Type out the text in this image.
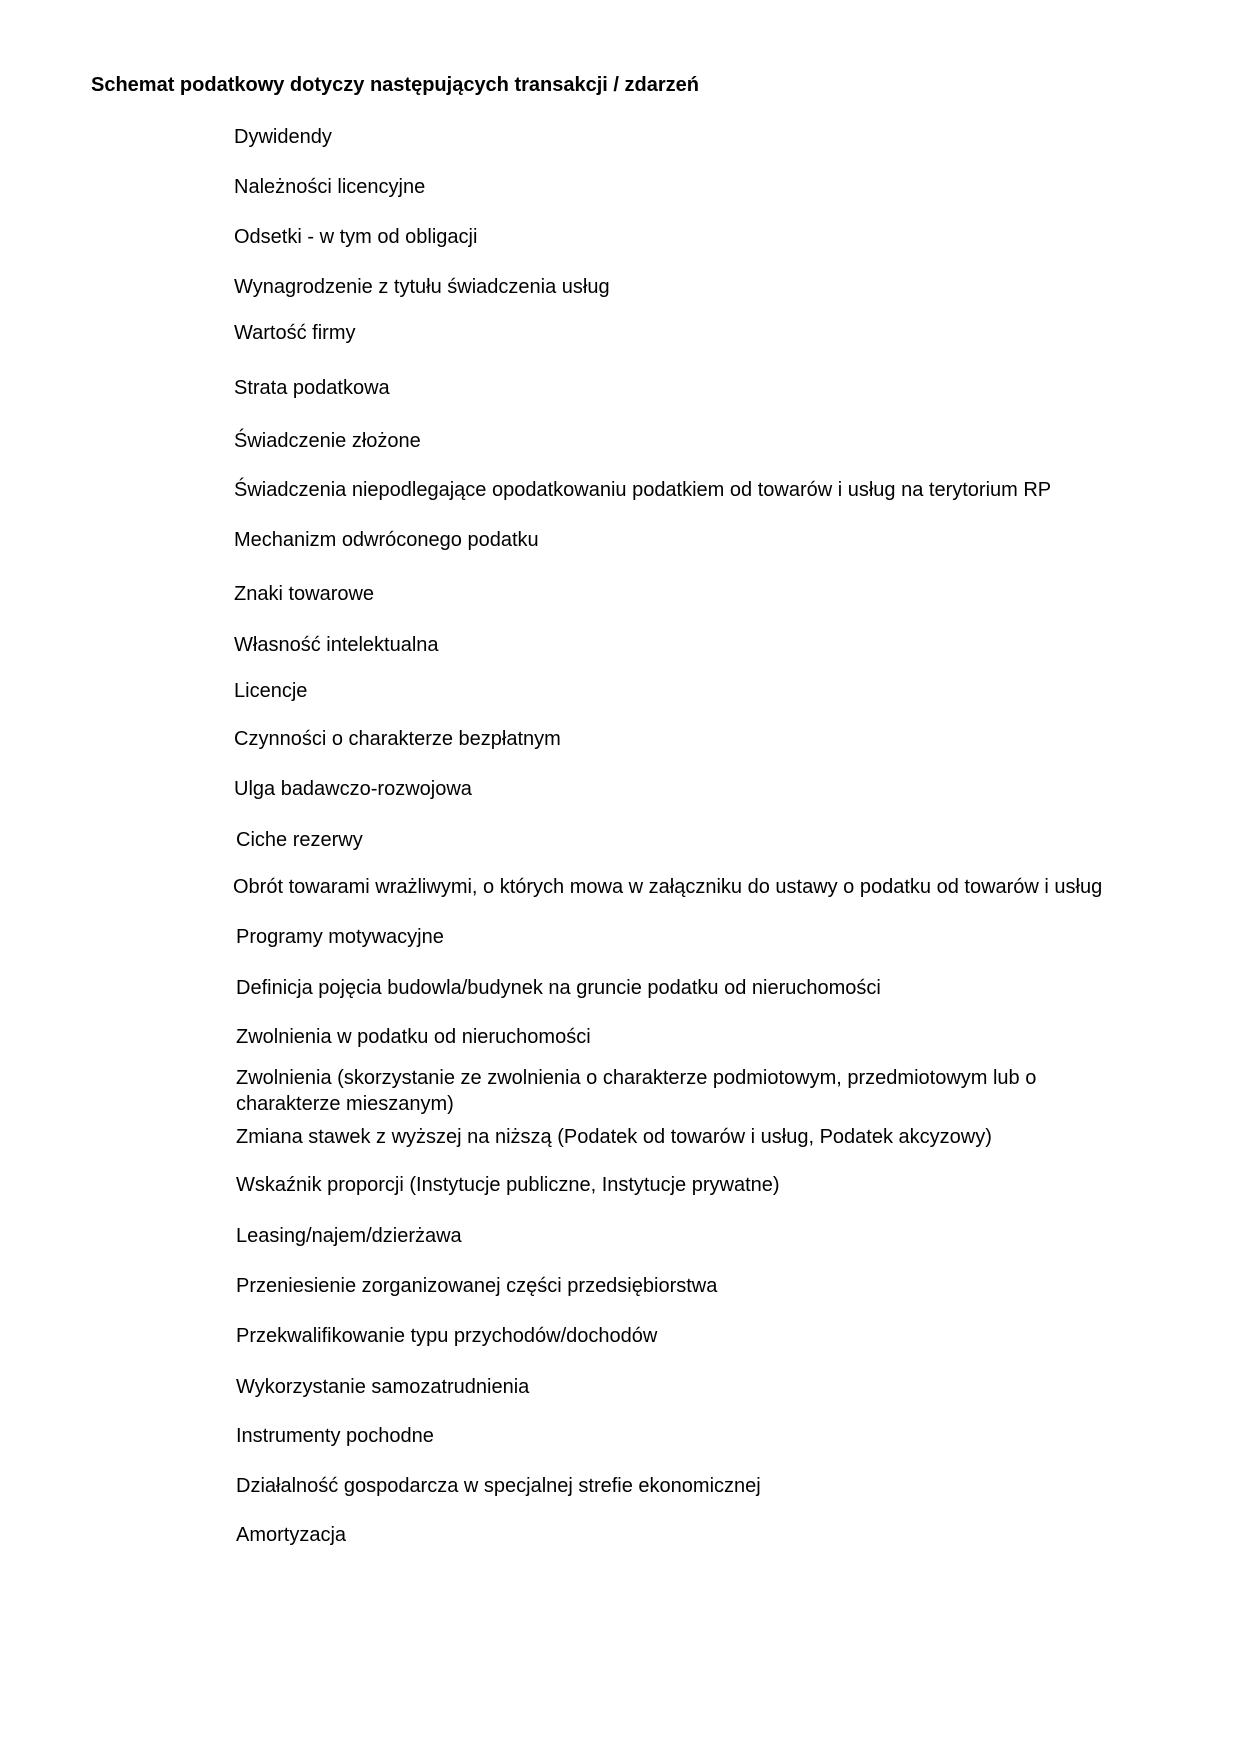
Schemat podatkowy dotyczy następujących transakcji / zdarzeń
Dywidendy
Należności licencyjne
Odsetki - w tym od obligacji
Wynagrodzenie z tytułu świadczenia usług
Wartość firmy
Strata podatkowa
Świadczenie złożone
Świadczenia niepodlegające opodatkowaniu podatkiem od towarów i usług na terytorium RP
Mechanizm odwróconego podatku
Znaki towarowe
Własność intelektualna
Licencje
Czynności o charakterze bezpłatnym
Ulga badawczo-rozwojowa
Ciche rezerwy
Obrót towarami wrażliwymi, o których mowa w załączniku do ustawy o podatku od towarów i usług
Programy motywacyjne
Definicja pojęcia budowla/budynek na gruncie podatku od nieruchomości
Zwolnienia w podatku od nieruchomości
Zwolnienia (skorzystanie ze zwolnienia o charakterze podmiotowym, przedmiotowym lub o charakterze mieszanym)
Zmiana stawek z wyższej na niższą (Podatek od towarów i usług, Podatek akcyzowy)
Wskaźnik proporcji (Instytucje publiczne, Instytucje prywatne)
Leasing/najem/dzierżawa
Przeniesienie zorganizowanej części przedsiębiorstwa
Przekwalifikowanie typu przychodów/dochodów
Wykorzystanie samozatrudnienia
Instrumenty pochodne
Działalność gospodarcza w specjalnej strefie ekonomicznej
Amortyzacja
